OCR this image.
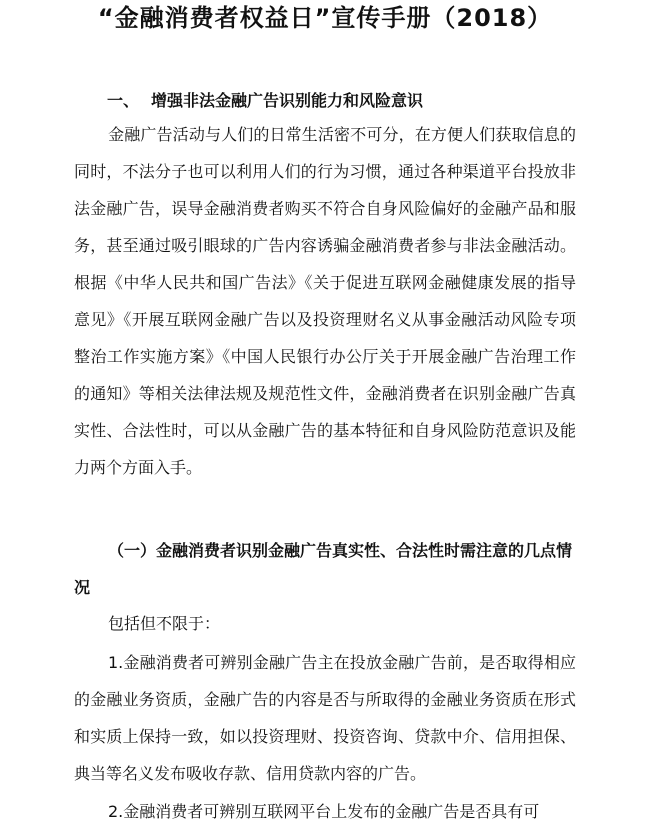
“金融消费者权益日”宣传手册（2018）
一、 增强非法金融广告识别能力和风险意识

金融广告活动与人们的日常生活密不可分，在方便人们获取信息的同时，不法分子也可以利用人们的行为习惯，通过各种渠道平台投放非法金融广告，误导金融消费者购买不符合自身风险偏好的金融产品和服务，甚至通过吸引眼球的广告内容诱骗金融消费者参与非法金融活动。根据《中华人民共和国广告法》《关于促进互联网金融健康发展的指导意见》《开展互联网金融广告以及投资理财名义从事金融活动风险专项整治工作实施方案》《中国人民银行办公厅关于开展金融广告治理工作的通知》等相关法律法规及规范性文件，金融消费者在识别金融广告真实性、合法性时，可以从金融广告的基本特征和自身风险防范意识及能力两个方面入手。

（一）金融消费者识别金融广告真实性、合法性时需注意的几点情况

包括但不限于：

1.金融消费者可辨别金融广告主在投放金融广告前，是否取得相应的金融业务资质，金融广告的内容是否与所取得的金融业务资质在形式和实质上保持一致，如以投资理财、投资咨询、贷款中介、信用担保、典当等名义发布吸收存款、信用贷款内容的广告。

2.金融消费者可辨别互联网平台上发布的金融广告是否具有可
